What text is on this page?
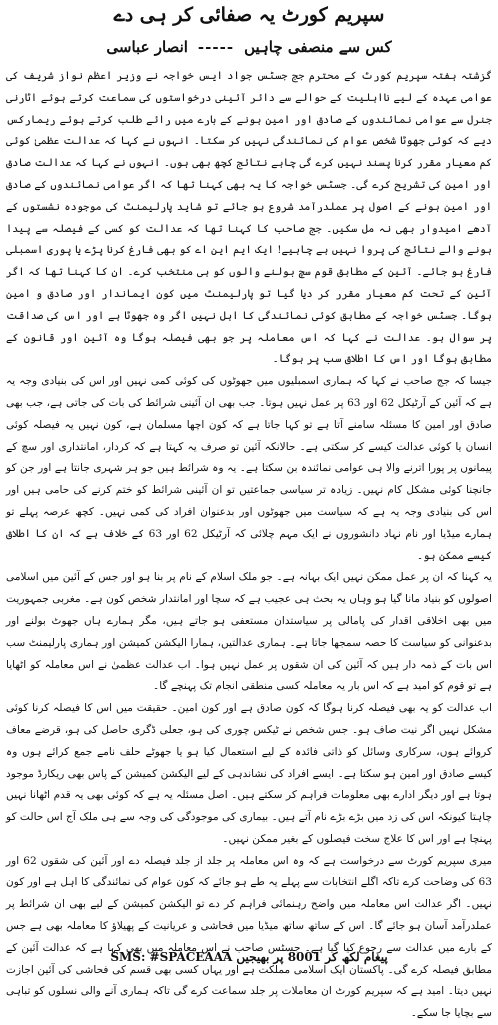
سپریم کورٹ یہ صفائی کر ہی دے
کس سے منصفی چاہیں
-----
انصار عباسی

گزشتہ ہفتہ سپریم کورٹ کے محترم جج جسٹس جواد ایس خواجہ نے وزیر اعظم نواز شریف کی عوامی عہدہ کے لیے نااہلیت کے حوالے سے دائر آئینی درخواستوں کی سماعت کرتے ہوئے اٹارنی جنرل سے عوامی نمائندوں کے صادق اور امین ہونے کے بارے میں رائے طلب کرتے ہوئے ریمارکس دیے کہ کوئی جھوٹا شخص عوام کی نمائندگی نہیں کر سکتا۔ انہوں نے کہا کہ عدالت عظمیٰ کوئی کم معیار مقرر کرنا پسند نہیں کرے گی چاہے نتائج کچھ بھی ہوں۔ انہوں نے کہا کہ عدالت صادق اور امین کی تشریح کرے گی۔ جسٹس خواجہ کا یہ بھی کہنا تھا کہ اگر عوامی نمائندوں کے صادق اور امین ہونے کے اصول پر عملدرآمد شروع ہو جائے تو شاید پارلیمنٹ کی موجودہ نشستوں کے آدھے امیدوار بھی نہ مل سکیں۔ جج صاحب کا کہنا تھا کہ عدالت کو کسی کے فیصلہ سے پیدا ہونے والے نتائج کی پروا نہیں ہے چاہیے! ایک ایم این اے کو بھی فارغ کرنا پڑے یا پوری اسمبلی فارغ ہو جائے۔ آئین کے مطابق قوم سچ بولنے والوں کو ہی منتخب کرے۔ ان کا کہنا تھا کہ اگر آئین کے تحت کم معیار مقرر کر دیا گیا تو پارلیمنٹ میں کون ایماندار اور صادق و امین ہوگا۔ جسٹس خواجہ کے مطابق کوئی نمائندگی کا اہل نہیں اگر وہ جھوٹا ہے اور اس کی صداقت پر سوال ہو۔ عدالت نے کہا کہ اس معاملہ پر جو بھی فیصلہ ہوگا وہ آئین اور قانون کے مطابق ہوگا اور اس کا اطلاق سب پر ہوگا۔

جیسا کہ جج صاحب نے کہا کہ ہماری اسمبلیوں میں جھوٹوں کی کوئی کمی نہیں اور اس کی بنیادی وجہ یہ ہے کہ آئین کے آرٹیکل 62 اور 63 پر عمل نہیں ہوتا۔ جب بھی ان آئینی شرائط کی بات کی جاتی ہے، جب بھی صادق اور امین کا مسئلہ سامنے آتا ہے تو کہا جاتا ہے کہ کون اچھا مسلمان ہے، کون نہیں یہ فیصلہ کوئی انسان یا کوئی عدالت کیسے کر سکتی ہے۔ حالانکہ آئین تو صرف یہ کہتا ہے کہ کردار، امانتداری اور سچ کے پیمانوں پر پورا اترنے والا ہی عوامی نمائندہ بن سکتا ہے۔ یہ وہ شرائط ہیں جو ہر شہری جانتا ہے اور جن کو جانچنا کوئی مشکل کام نہیں۔ زیادہ تر سیاسی جماعتیں تو ان آئینی شرائط کو ختم کرنے کی حامی ہیں اور اس کی بنیادی وجہ یہ ہے کہ سیاست میں جھوٹوں اور بدعنوان افراد کی کمی نہیں۔ کچھ عرصہ پہلے تو ہمارے میڈیا اور نام نہاد دانشوروں نے ایک مہم چلائی کہ آرٹیکل 62 اور 63 کے خلاف ہے کہ ان کا اطلاق کیسے ممکن ہو۔

یہ کہنا کہ ان پر عمل ممکن نہیں ایک بہانہ ہے۔ جو ملک اسلام کے نام پر بنا ہو اور جس کے آئین میں اسلامی اصولوں کو بنیاد مانا گیا ہو وہاں یہ بحث ہی عجیب ہے کہ سچا اور امانتدار شخص کون ہے۔ مغربی جمہوریت میں بھی اخلاقی اقدار کی پامالی پر سیاستدان مستعفی ہو جاتے ہیں، مگر ہمارے ہاں جھوٹ بولنے اور بدعنوانی کو سیاست کا حصہ سمجھا جاتا ہے۔ ہماری عدالتیں، ہمارا الیکشن کمیشن اور ہماری پارلیمنٹ سب اس بات کے ذمہ دار ہیں کہ آئین کی ان شقوں پر عمل نہیں ہوا۔ اب عدالت عظمیٰ نے اس معاملہ کو اٹھایا ہے تو قوم کو امید ہے کہ اس بار یہ معاملہ کسی منطقی انجام تک پہنچے گا۔

اب عدالت کو یہ بھی فیصلہ کرنا ہوگا کہ کون صادق ہے اور کون امین۔ حقیقت میں اس کا فیصلہ کرنا کوئی مشکل نہیں اگر نیت صاف ہو۔ جس شخص نے ٹیکس چوری کی ہو، جعلی ڈگری حاصل کی ہو، قرضے معاف کروائے ہوں، سرکاری وسائل کو ذاتی فائدہ کے لیے استعمال کیا ہو یا جھوٹے حلف نامے جمع کرائے ہوں وہ کیسے صادق اور امین ہو سکتا ہے۔ ایسے افراد کی نشاندہی کے لیے الیکشن کمیشن کے پاس بھی ریکارڈ موجود ہوتا ہے اور دیگر ادارے بھی معلومات فراہم کر سکتے ہیں۔ اصل مسئلہ یہ ہے کہ کوئی بھی یہ قدم اٹھانا نہیں چاہتا کیونکہ اس کی زد میں بڑے بڑے نام آتے ہیں۔ بیماری کی موجودگی کی وجہ سے ہی ملک آج اس حالت کو پہنچا ہے اور اس کا علاج سخت فیصلوں کے بغیر ممکن نہیں۔

میری سپریم کورٹ سے درخواست ہے کہ وہ اس معاملہ پر جلد از جلد فیصلہ دے اور آئین کی شقوں 62 اور 63 کی وضاحت کرے تاکہ اگلے انتخابات سے پہلے یہ طے ہو جائے کہ کون عوام کی نمائندگی کا اہل ہے اور کون نہیں۔ اگر عدالت اس معاملہ میں واضح رہنمائی فراہم کر دے تو الیکشن کمیشن کے لیے بھی ان شرائط پر عملدرآمد آسان ہو جائے گا۔ اس کے ساتھ ساتھ میڈیا میں فحاشی و عریانیت کے پھیلاؤ کا معاملہ بھی ہے جس کے بارے میں عدالت سے رجوع کیا گیا ہے۔ جسٹس صاحب نے اس معاملہ میں بھی کہا ہے کہ عدالت آئین کے مطابق فیصلہ کرے گی۔ پاکستان ایک اسلامی مملکت ہے اور یہاں کسی بھی قسم کی فحاشی کی آئین اجازت نہیں دیتا۔ امید ہے کہ سپریم کورٹ ان معاملات پر جلد سماعت کرے گی تاکہ ہماری آنے والی نسلوں کو تباہی سے بچایا جا سکے۔

پیغام لکھ کر 8001 پر بھیجیں
SMS: #SPACEAAA
